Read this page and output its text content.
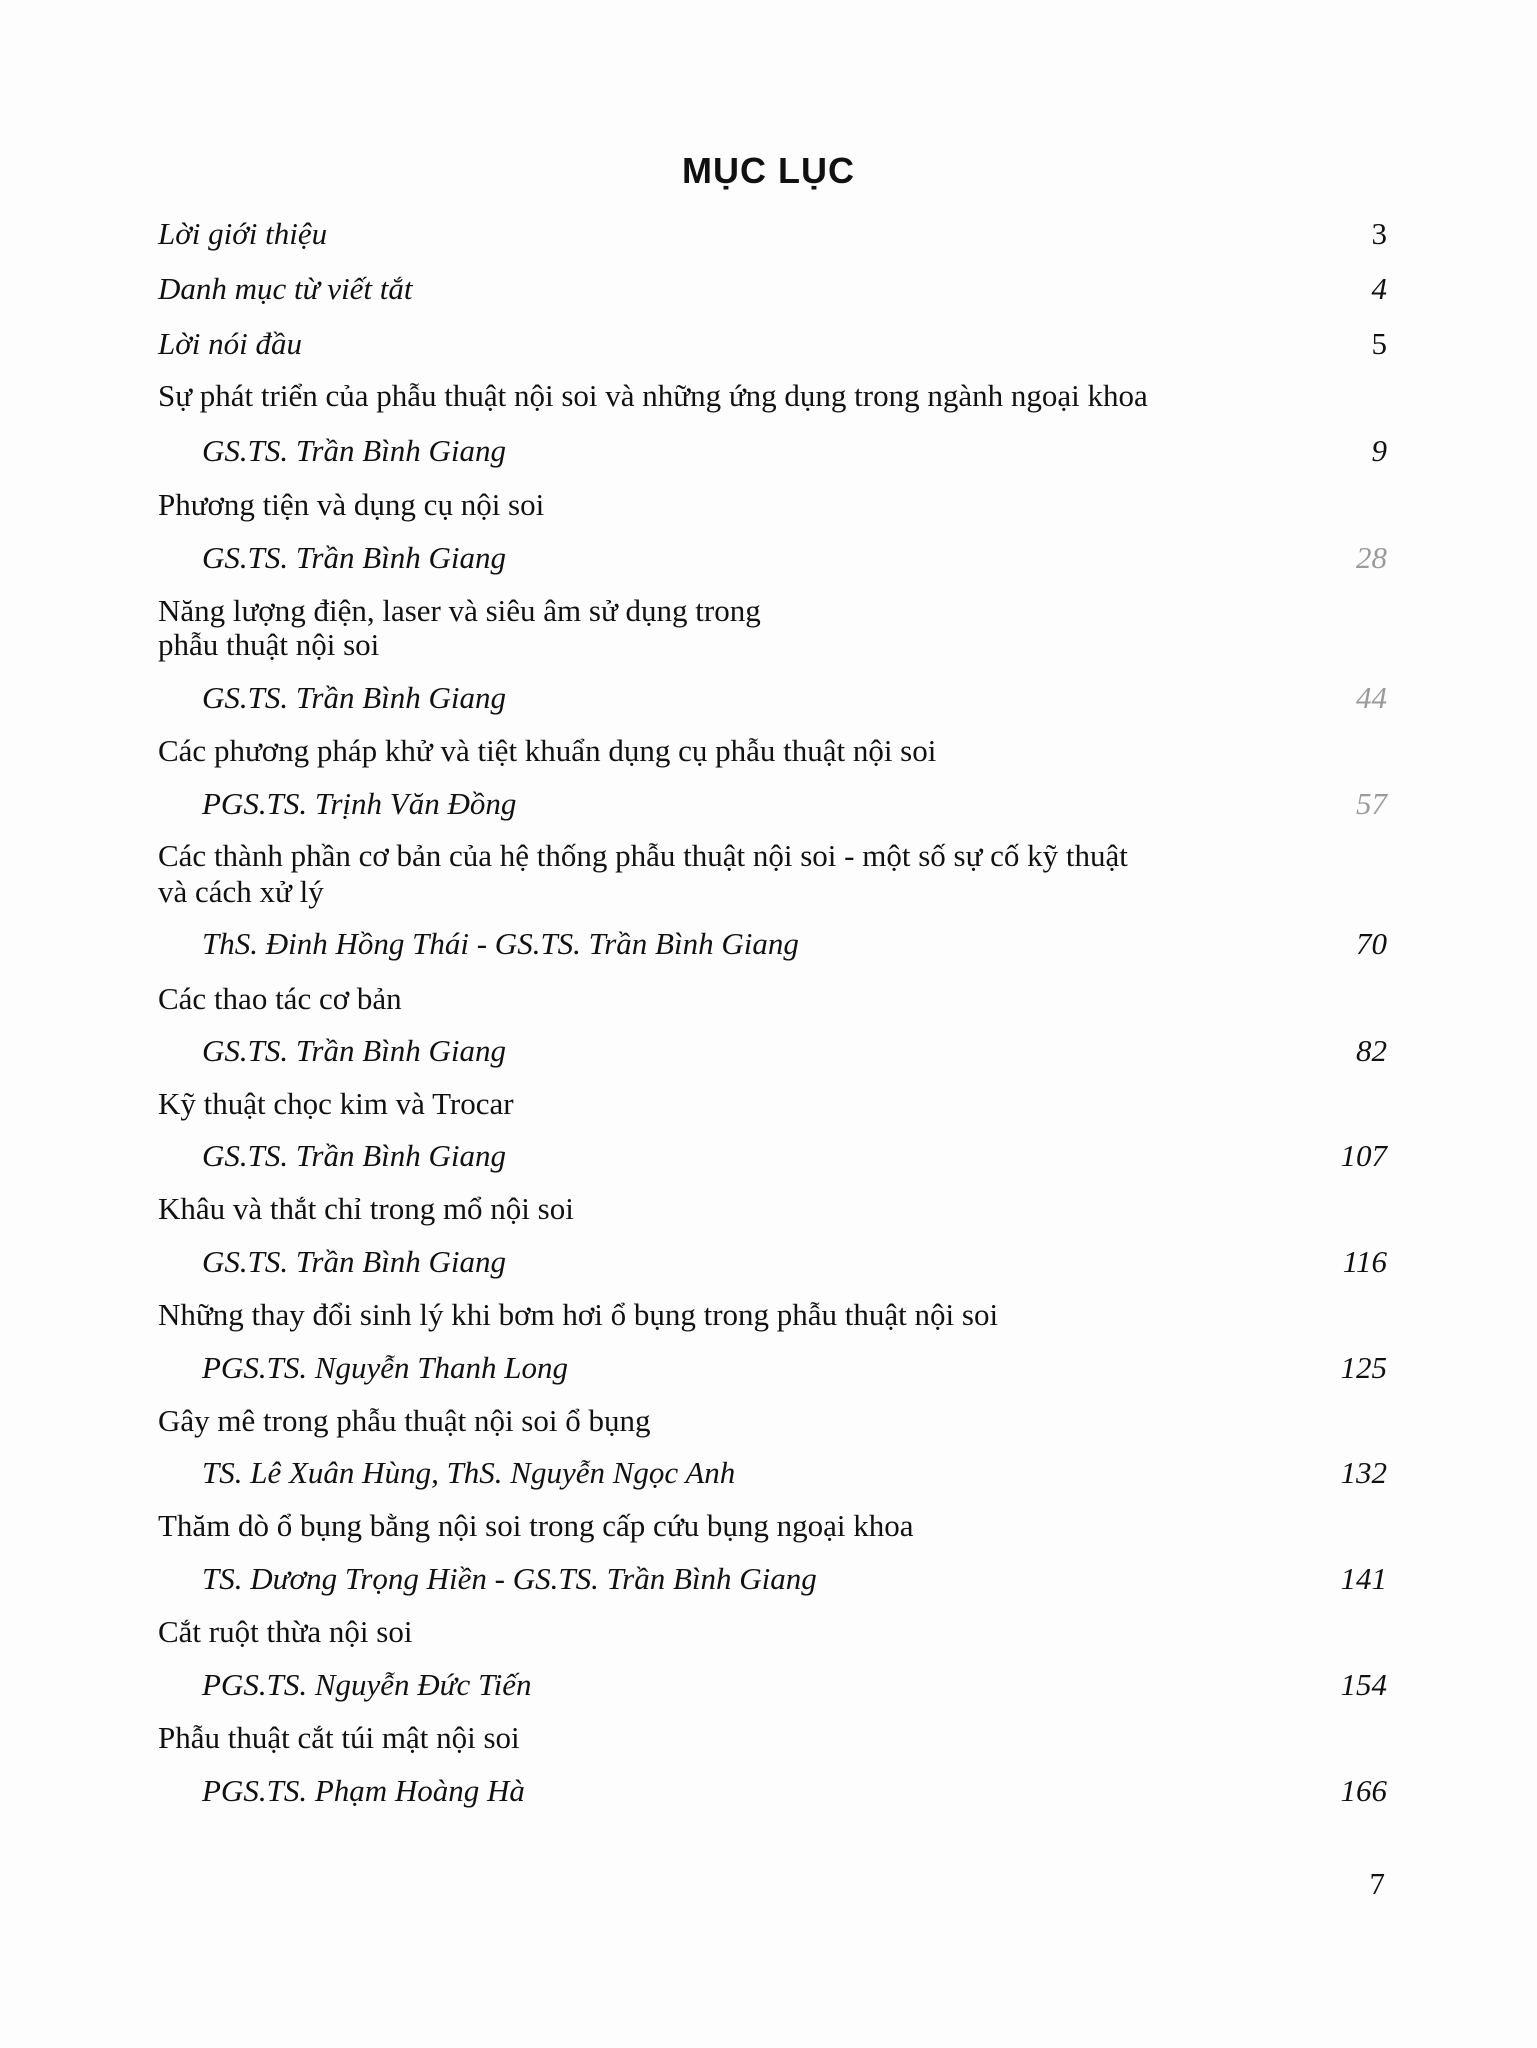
MỤC LỤC
Lời giới thiệu	3
Danh mục từ viết tắt	4
Lời nói đầu	5
Sự phát triển của phẫu thuật nội soi và những ứng dụng trong ngành ngoại khoa
GS.TS. Trần Bình Giang	9
Phương tiện và dụng cụ nội soi
GS.TS. Trần Bình Giang	28
Năng lượng điện, laser và siêu âm sử dụng trong
phẫu thuật nội soi
GS.TS. Trần Bình Giang	44
Các phương pháp khử và tiệt khuẩn dụng cụ phẫu thuật nội soi
PGS.TS. Trịnh Văn Đồng	57
Các thành phần cơ bản của hệ thống phẫu thuật nội soi - một số sự cố kỹ thuật
và cách xử lý
ThS. Đinh Hồng Thái - GS.TS. Trần Bình Giang	70
Các thao tác cơ bản
GS.TS. Trần Bình Giang	82
Kỹ thuật chọc kim và Trocar
GS.TS. Trần Bình Giang	107
Khâu và thắt chỉ trong mổ nội soi
GS.TS. Trần Bình Giang	116
Những thay đổi sinh lý khi bơm hơi ổ bụng trong phẫu thuật nội soi
PGS.TS. Nguyễn Thanh Long	125
Gây mê trong phẫu thuật nội soi ổ bụng
TS. Lê Xuân Hùng, ThS. Nguyễn Ngọc Anh	132
Thăm dò ổ bụng bằng nội soi trong cấp cứu bụng ngoại khoa
TS. Dương Trọng Hiền - GS.TS. Trần Bình Giang	141
Cắt ruột thừa nội soi
PGS.TS. Nguyễn Đức Tiến	154
Phẫu thuật cắt túi mật nội soi
PGS.TS. Phạm Hoàng Hà	166
7
